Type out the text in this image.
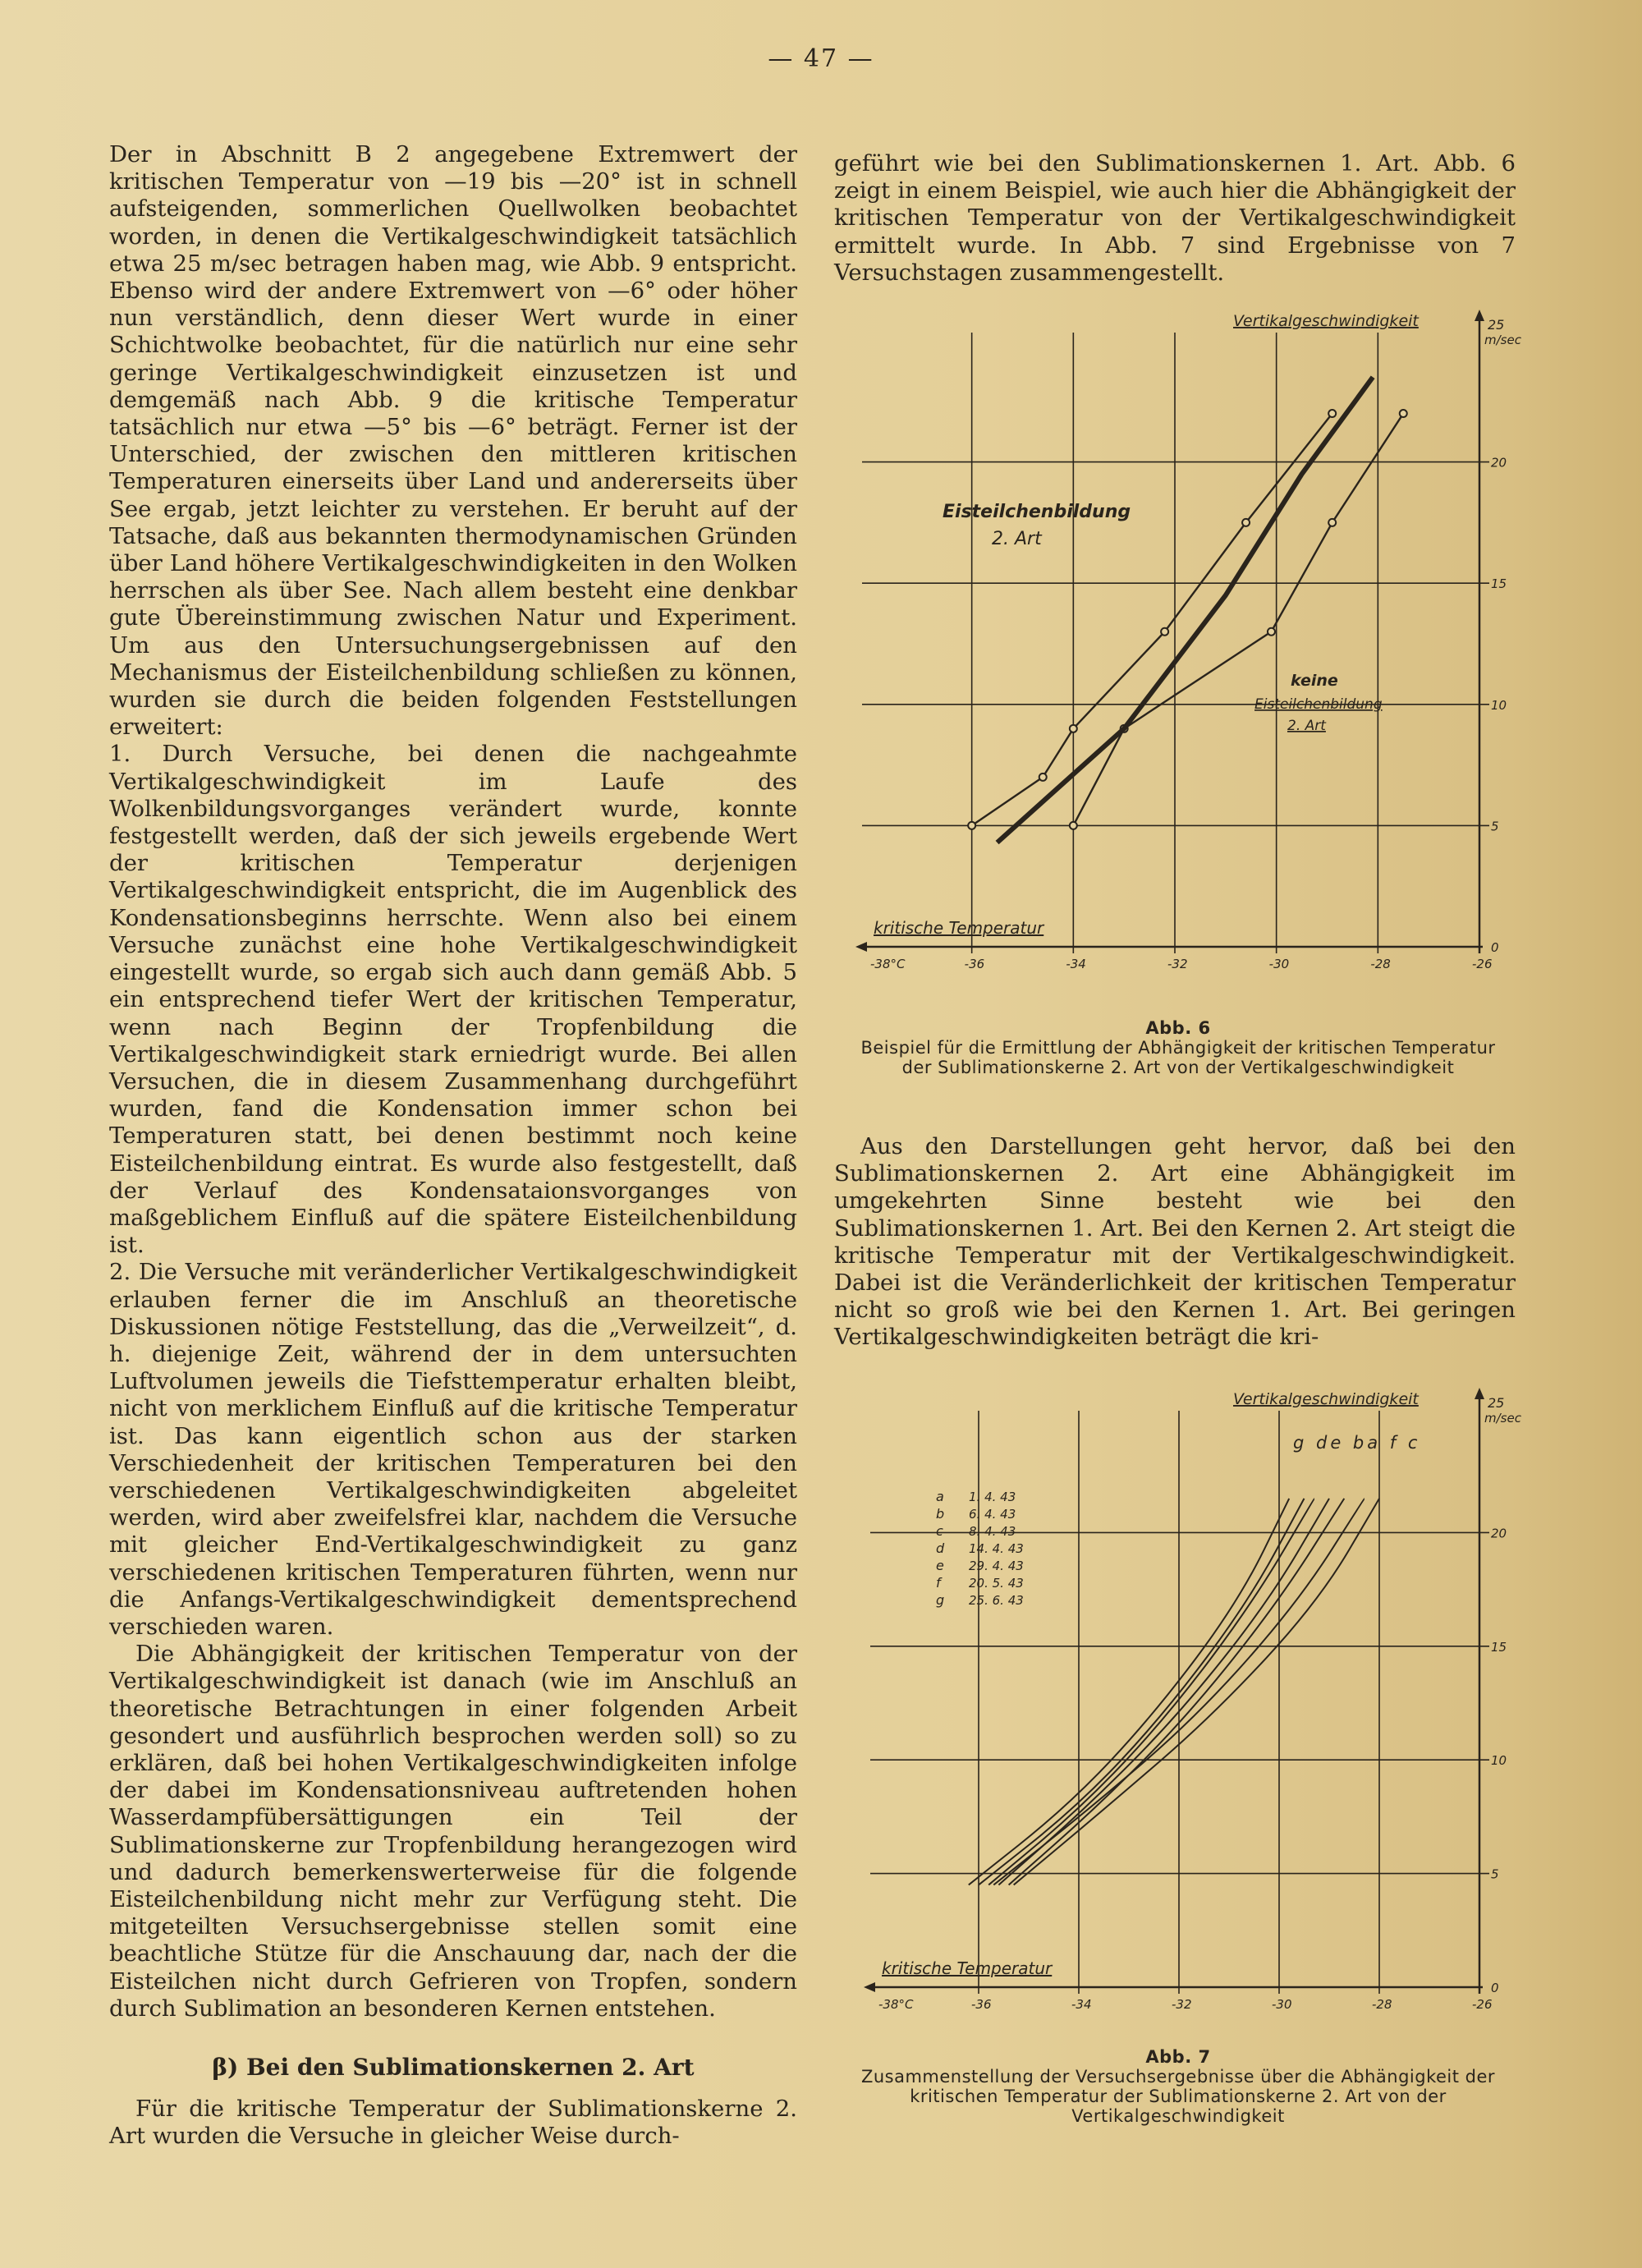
— 47 —

Der in Abschnitt B 2 angegebene Extremwert der kritischen Temperatur von —19 bis —20° ist in schnell aufsteigenden, sommerlichen Quellwolken beobachtet worden, in denen die Vertikalgeschwindigkeit tatsächlich etwa 25 m/sec betragen haben mag, wie Abb. 9 entspricht. Ebenso wird der andere Extremwert von —6° oder höher nun verständlich, denn dieser Wert wurde in einer Schichtwolke beobachtet, für die natürlich nur eine sehr geringe Vertikalgeschwindigkeit einzusetzen ist und demgemäß nach Abb. 9 die kritische Temperatur tatsächlich nur etwa —5° bis —6° beträgt. Ferner ist der Unterschied, der zwischen den mittleren kritischen Temperaturen einerseits über Land und andererseits über See ergab, jetzt leichter zu verstehen. Er beruht auf der Tatsache, daß aus bekannten thermodynamischen Gründen über Land höhere Vertikalgeschwindigkeiten in den Wolken herrschen als über See. Nach allem besteht eine denkbar gute Übereinstimmung zwischen Natur und Experiment. Um aus den Untersuchungsergebnissen auf den Mechanismus der Eisteilchenbildung schließen zu können, wurden sie durch die beiden folgenden Feststellungen erweitert:

1. Durch Versuche, bei denen die nachgeahmte Vertikalgeschwindigkeit im Laufe des Wolkenbildungsvorganges verändert wurde, konnte festgestellt werden, daß der sich jeweils ergebende Wert der kritischen Temperatur derjenigen Vertikalgeschwindigkeit entspricht, die im Augenblick des Kondensationsbeginns herrschte. Wenn also bei einem Versuche zunächst eine hohe Vertikalgeschwindigkeit eingestellt wurde, so ergab sich auch dann gemäß Abb. 5 ein entsprechend tiefer Wert der kritischen Temperatur, wenn nach Beginn der Tropfenbildung die Vertikalgeschwindigkeit stark erniedrigt wurde. Bei allen Versuchen, die in diesem Zusammenhang durchgeführt wurden, fand die Kondensation immer schon bei Temperaturen statt, bei denen bestimmt noch keine Eisteilchenbildung eintrat. Es wurde also festgestellt, daß der Verlauf des Kondensataionsvorganges von maßgeblichem Einfluß auf die spätere Eisteilchenbildung ist.

2. Die Versuche mit veränderlicher Vertikalgeschwindigkeit erlauben ferner die im Anschluß an theoretische Diskussionen nötige Feststellung, das die „Verweilzeit“, d. h. diejenige Zeit, während der in dem untersuchten Luftvolumen jeweils die Tiefsttemperatur erhalten bleibt, nicht von merklichem Einfluß auf die kritische Temperatur ist. Das kann eigentlich schon aus der starken Verschiedenheit der kritischen Temperaturen bei den verschiedenen Vertikalgeschwindigkeiten abgeleitet werden, wird aber zweifelsfrei klar, nachdem die Versuche mit gleicher End-Vertikalgeschwindigkeit zu ganz verschiedenen kritischen Temperaturen führten, wenn nur die Anfangs-Vertikalgeschwindigkeit dementsprechend verschieden waren.

Die Abhängigkeit der kritischen Temperatur von der Vertikalgeschwindigkeit ist danach (wie im Anschluß an theoretische Betrachtungen in einer folgenden Arbeit gesondert und ausführlich besprochen werden soll) so zu erklären, daß bei hohen Vertikalgeschwindigkeiten infolge der dabei im Kondensationsniveau auftretenden hohen Wasserdampfübersättigungen ein Teil der Sublimationskerne zur Tropfenbildung herangezogen wird und dadurch bemerkenswerterweise für die folgende Eisteilchenbildung nicht mehr zur Verfügung steht. Die mitgeteilten Versuchsergebnisse stellen somit eine beachtliche Stütze für die Anschauung dar, nach der die Eisteilchen nicht durch Gefrieren von Tropfen, sondern durch Sublimation an besonderen Kernen entstehen.

β) Bei den Sublimationskernen 2. Art

Für die kritische Temperatur der Sublimationskerne 2. Art wurden die Versuche in gleicher Weise durch-

geführt wie bei den Sublimationskernen 1. Art. Abb. 6 zeigt in einem Beispiel, wie auch hier die Abhängigkeit der kritischen Temperatur von der Vertikalgeschwindigkeit ermittelt wurde. In Abb. 7 sind Ergebnisse von 7 Versuchstagen zusammengestellt.

-38°C	-36	-34	-32	-30	-28	-26
0
5
10
15
20
25
m/sec
Vertikalgeschwindigkeit
kritische Temperatur
Eisteilchenbildung
2. Art
keine
Eisteilchenbildung
2. Art
Abb. 6
Beispiel für die Ermittlung der Abhängigkeit der kritischen Temperatur der Sublimationskerne 2. Art von der Vertikalgeschwindigkeit

Aus den Darstellungen geht hervor, daß bei den Sublimationskernen 2. Art eine Abhängigkeit im umgekehrten Sinne besteht wie bei den Sublimationskernen 1. Art. Bei den Kernen 2. Art steigt die kritische Temperatur mit der Vertikalgeschwindigkeit. Dabei ist die Veränderlichkeit der kritischen Temperatur nicht so groß wie bei den Kernen 1. Art. Bei geringen Vertikalgeschwindigkeiten beträgt die kri-

-38°C	-36	-34	-32	-30	-28	-26
0
5
10
15
20
25
m/sec
Vertikalgeschwindigkeit
kritische Temperatur
g de ba f c
a 1. 4. 43
b 6. 4. 43
c 8. 4. 43
d 14. 4. 43
e 29. 4. 43
f 20. 5. 43
g 25. 6. 43
Abb. 7
Zusammenstellung der Versuchsergebnisse über die Abhängigkeit der kritischen Temperatur der Sublimationskerne 2. Art von der Vertikalgeschwindigkeit
